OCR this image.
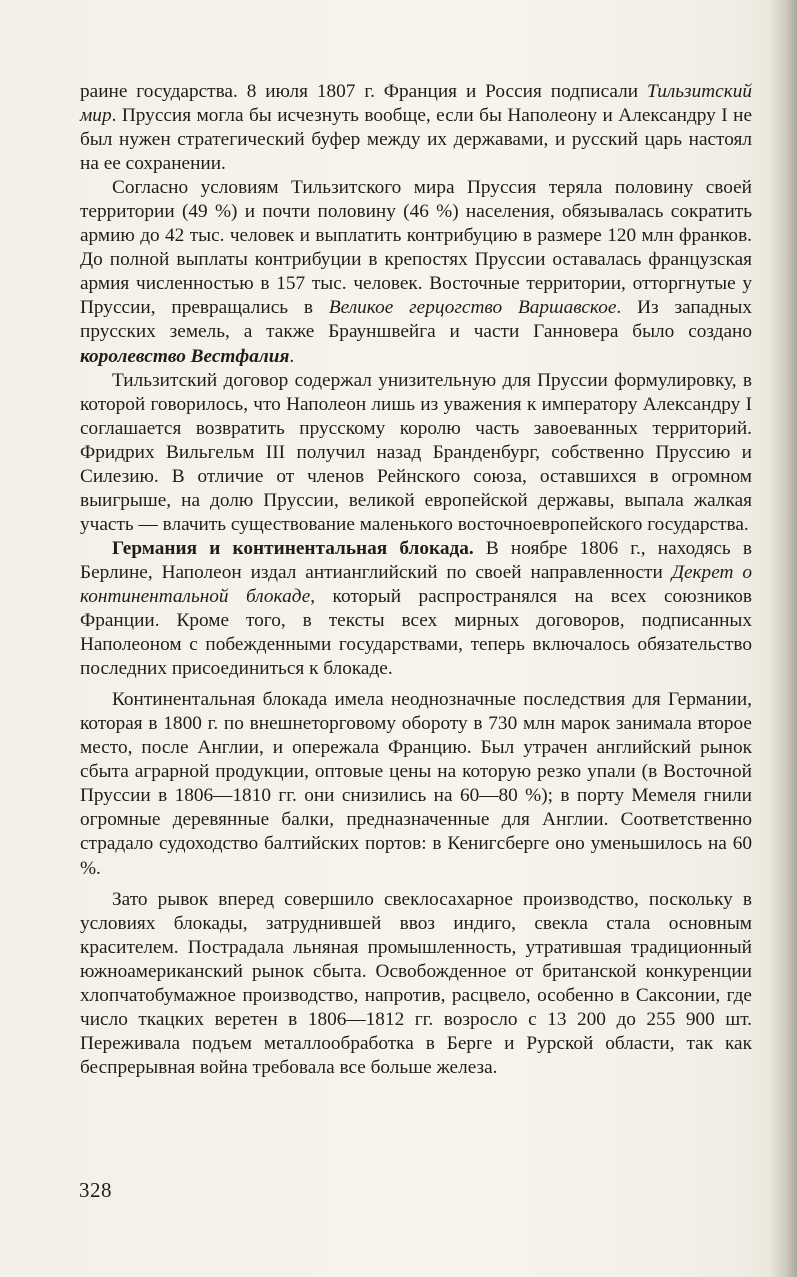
раине государства. 8 июля 1807 г. Франция и Россия подписали Тильзитский мир. Пруссия могла бы исчезнуть вообще, если бы Наполеону и Александру I не был нужен стратегический буфер между их державами, и русский царь настоял на ее сохранении.

Согласно условиям Тильзитского мира Пруссия теряла половину своей территории (49 %) и почти половину (46 %) населения, обязывалась сократить армию до 42 тыс. человек и выплатить контрибуцию в размере 120 млн франков. До полной выплаты контрибуции в крепостях Пруссии оставалась французская армия численностью в 157 тыс. человек. Восточные территории, отторгнутые у Пруссии, превращались в Великое герцогство Варшавское. Из западных прусских земель, а также Брауншвейга и части Ганновера было создано королевство Вестфалия.

Тильзитский договор содержал унизительную для Пруссии формулировку, в которой говорилось, что Наполеон лишь из уважения к императору Александру I соглашается возвратить прусскому королю часть завоеванных территорий. Фридрих Вильгельм III получил назад Бранденбург, собственно Пруссию и Силезию. В отличие от членов Рейнского союза, оставшихся в огромном выигрыше, на долю Пруссии, великой европейской державы, выпала жалкая участь — влачить существование маленького восточноевропейского государства.

Германия и континентальная блокада. В ноябре 1806 г., находясь в Берлине, Наполеон издал антианглийский по своей направленности Декрет о континентальной блокаде, который распространялся на всех союзников Франции. Кроме того, в тексты всех мирных договоров, подписанных Наполеоном с побежденными государствами, теперь включалось обязательство последних присоединиться к блокаде.

Континентальная блокада имела неоднозначные последствия для Германии, которая в 1800 г. по внешнеторговому обороту в 730 млн марок занимала второе место, после Англии, и опережала Францию. Был утрачен английский рынок сбыта аграрной продукции, оптовые цены на которую резко упали (в Восточной Пруссии в 1806—1810 гг. они снизились на 60—80 %); в порту Мемеля гнили огромные деревянные балки, предназначенные для Англии. Соответственно страдало судоходство балтийских портов: в Кенигсберге оно уменьшилось на 60 %.

Зато рывок вперед совершило свеклосахарное производство, поскольку в условиях блокады, затруднившей ввоз индиго, свекла стала основным красителем. Пострадала льняная промышленность, утратившая традиционный южноамериканский рынок сбыта. Освобожденное от британской конкуренции хлопчатобумажное производство, напротив, расцвело, особенно в Саксонии, где число ткацких веретен в 1806—1812 гг. возросло с 13 200 до 255 900 шт. Переживала подъем металлообработка в Берге и Рурской области, так как беспрерывная война требовала все больше железа.

328
